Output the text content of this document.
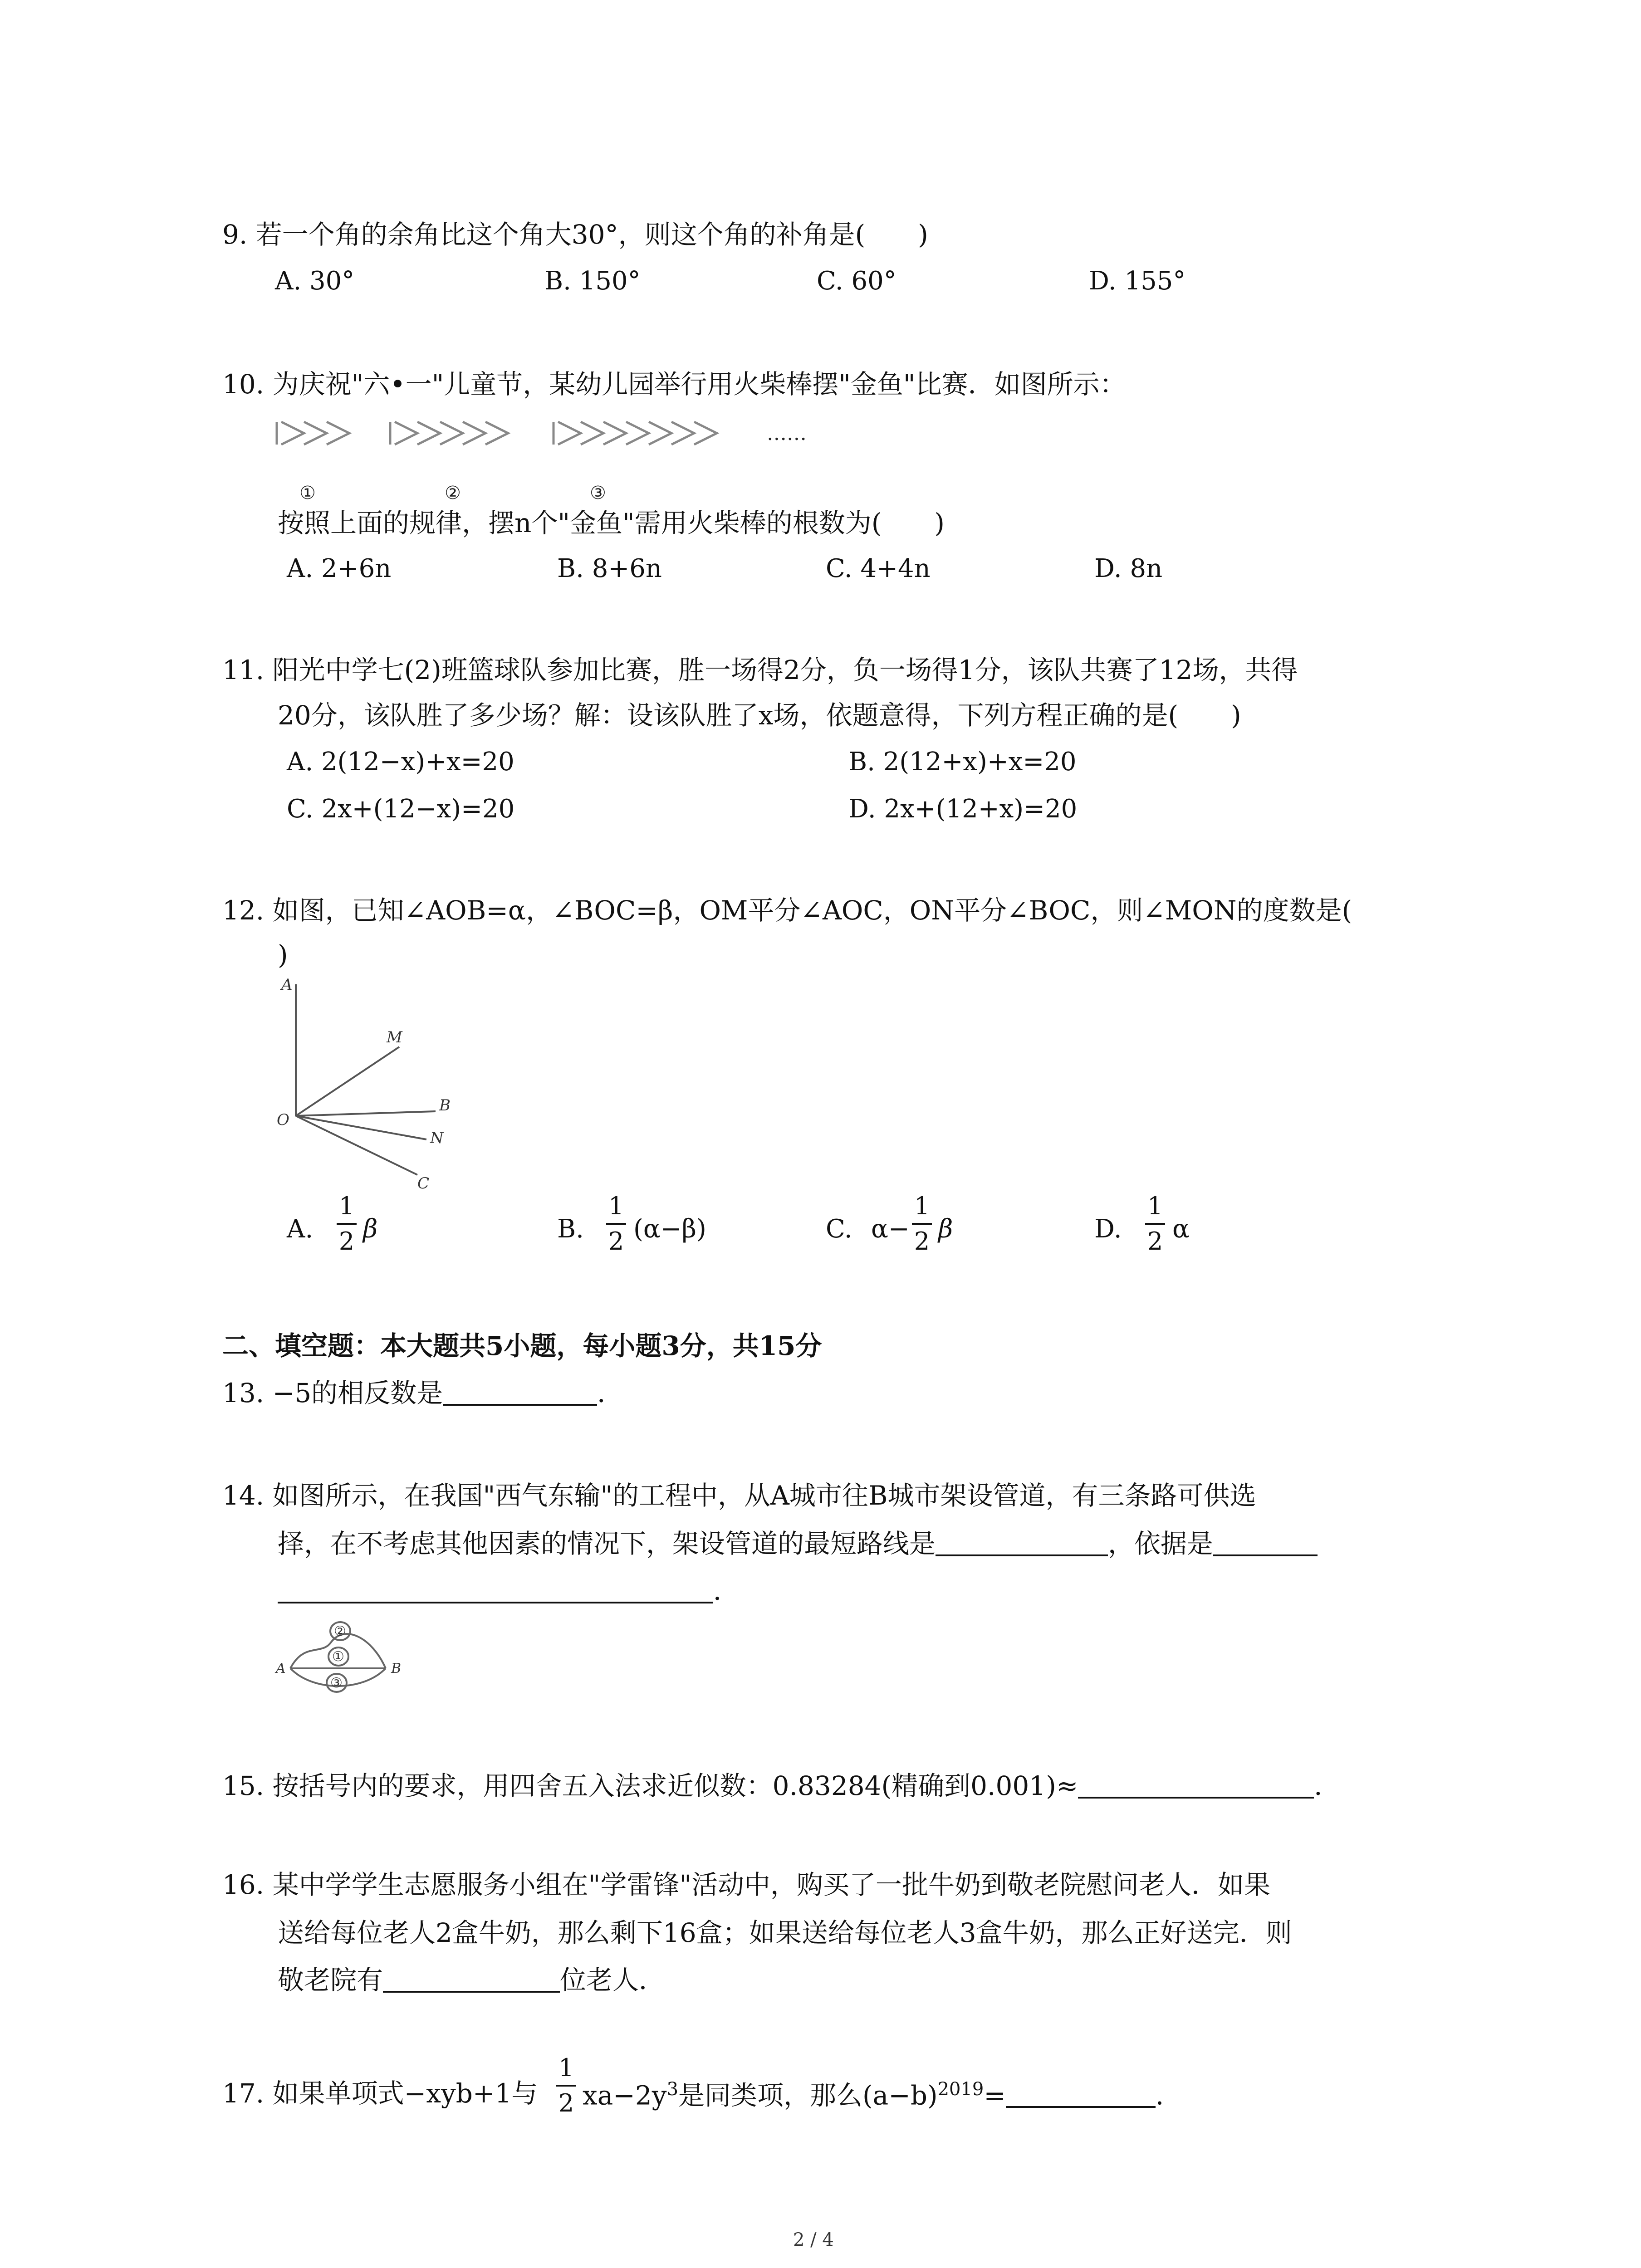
9. 若一个角的余角比这个角大30°，则这个角的补角是(　　)
A. 30°	B. 150°	C. 60°	D. 155°
10. 为庆祝"六•一"儿童节，某幼儿园举行用火柴棒摆"金鱼"比赛．如图所示：
……
①	②	③
按照上面的规律，摆n个"金鱼"需用火柴棒的根数为(　　)
A. 2+6n	B. 8+6n	C. 4+4n	D. 8n
11. 阳光中学七(2)班篮球队参加比赛，胜一场得2分，负一场得1分，该队共赛了12场，共得
20分，该队胜了多少场？解：设该队胜了x场，依题意得，下列方程正确的是(　　)
A. 2(12−x)+x=20	B. 2(12+x)+x=20
C. 2x+(12−x)=20	D. 2x+(12+x)=20
12. 如图，已知∠AOB=α，∠BOC=β，OM平分∠AOC，ON平分∠BOC，则∠MON的度数是(
)
A
M
B
O
N
C
A.
1
2 β	B.
1
2 (α−β)	C. α−
1
2 β	D.
1
2 α
二、填空题：本大题共5小题，每小题3分，共15分
13. −5的相反数是	．
14. 如图所示，在我国"西气东输"的工程中，从A城市往B城市架设管道，有三条路可供选
择，在不考虑其他因素的情况下，架设管道的最短路线是	，依据是
．
A	B
①
②
③
15. 按括号内的要求，用四舍五入法求近似数：0.83284(精确到0.001)≈	．
16. 某中学学生志愿服务小组在"学雷锋"活动中，购买了一批牛奶到敬老院慰问老人．如果
送给每位老人2盒牛奶，那么剩下16盒；如果送给每位老人3盒牛奶，那么正好送完．则
敬老院有	位老人．
17. 如果单项式−xyb+1与
1
2 $xa-2y^3$是同类项，那么$(a-b)^{2019}=$	．
2 / 4
